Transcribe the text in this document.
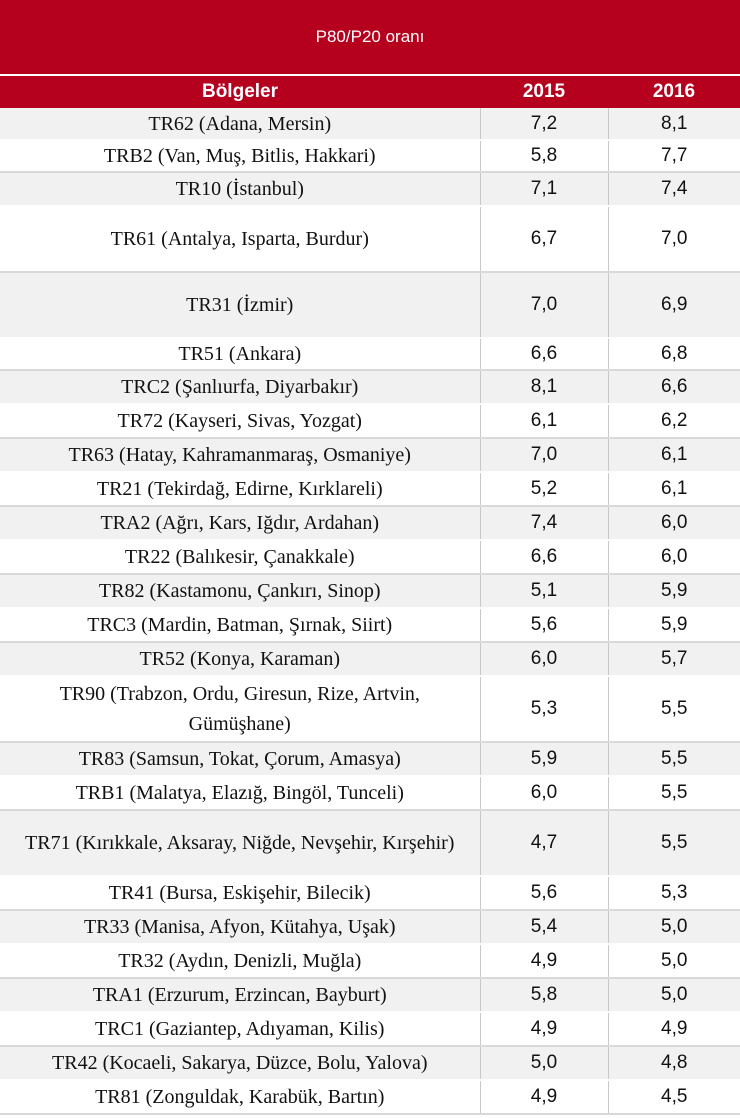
P80/P20 oranı
Bölgeler	2015	2016
TR62 (Adana, Mersin)	7,2	8,1
TRB2 (Van, Muş, Bitlis, Hakkari)	5,8	7,7
TR10 (İstanbul)	7,1	7,4
TR61 (Antalya, Isparta, Burdur)	6,7	7,0
TR31 (İzmir)	7,0	6,9
TR51 (Ankara)	6,6	6,8
TRC2 (Şanlıurfa, Diyarbakır)	8,1	6,6
TR72 (Kayseri, Sivas, Yozgat)	6,1	6,2
TR63 (Hatay, Kahramanmaraş, Osmaniye)	7,0	6,1
TR21 (Tekirdağ, Edirne, Kırklareli)	5,2	6,1
TRA2 (Ağrı, Kars, Iğdır, Ardahan)	7,4	6,0
TR22 (Balıkesir, Çanakkale)	6,6	6,0
TR82 (Kastamonu, Çankırı, Sinop)	5,1	5,9
TRC3 (Mardin, Batman, Şırnak, Siirt)	5,6	5,9
TR52 (Konya, Karaman)	6,0	5,7
TR90 (Trabzon, Ordu, Giresun, Rize, Artvin, Gümüşhane)	5,3	5,5
TR83 (Samsun, Tokat, Çorum, Amasya)	5,9	5,5
TRB1 (Malatya, Elazığ, Bingöl, Tunceli)	6,0	5,5
TR71 (Kırıkkale, Aksaray, Niğde, Nevşehir, Kırşehir)	4,7	5,5
TR41 (Bursa, Eskişehir, Bilecik)	5,6	5,3
TR33 (Manisa, Afyon, Kütahya, Uşak)	5,4	5,0
TR32 (Aydın, Denizli, Muğla)	4,9	5,0
TRA1 (Erzurum, Erzincan, Bayburt)	5,8	5,0
TRC1 (Gaziantep, Adıyaman, Kilis)	4,9	4,9
TR42 (Kocaeli, Sakarya, Düzce, Bolu, Yalova)	5,0	4,8
TR81 (Zonguldak, Karabük, Bartın)	4,9	4,5
